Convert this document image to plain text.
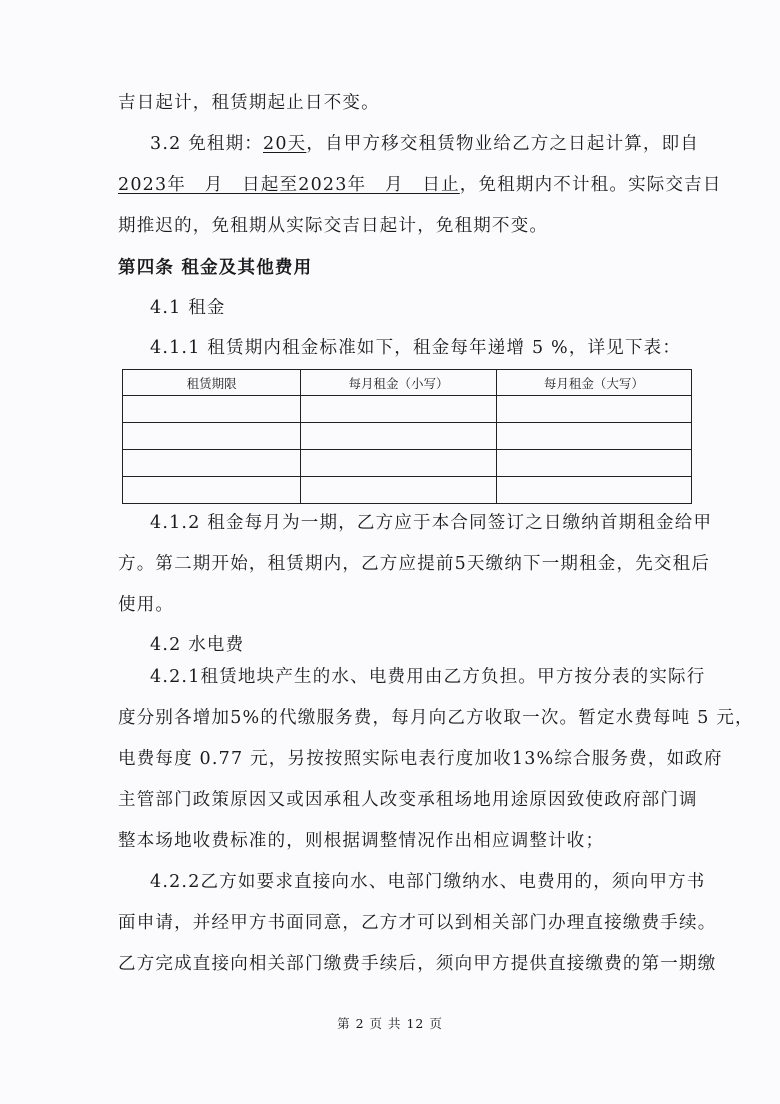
吉日起计，租赁期起止日不变。
3.2 免租期：20天，自甲方移交租赁物业给乙方之日起计算，即自
2023年　月　日起至2023年　月　日止，免租期内不计租。实际交吉日
期推迟的，免租期从实际交吉日起计，免租期不变。
第四条 租金及其他费用
4.1 租金
4.1.1 租赁期内租金标准如下，租金每年递增 5 %，详见下表：
租赁期限	每月租金（小写）	每月租金（大写）

4.1.2 租金每月为一期，乙方应于本合同签订之日缴纳首期租金给甲
方。第二期开始，租赁期内，乙方应提前5天缴纳下一期租金，先交租后
使用。
4.2 水电费
4.2.1租赁地块产生的水、电费用由乙方负担。甲方按分表的实际行
度分别各增加5%的代缴服务费，每月向乙方收取一次。暂定水费每吨 5 元，
电费每度 0.77 元，另按按照实际电表行度加收13%综合服务费，如政府
主管部门政策原因又或因承租人改变承租场地用途原因致使政府部门调
整本场地收费标准的，则根据调整情况作出相应调整计收；
4.2.2乙方如要求直接向水、电部门缴纳水、电费用的，须向甲方书
面申请，并经甲方书面同意，乙方才可以到相关部门办理直接缴费手续。
乙方完成直接向相关部门缴费手续后，须向甲方提供直接缴费的第一期缴
第 2 页 共 12 页
